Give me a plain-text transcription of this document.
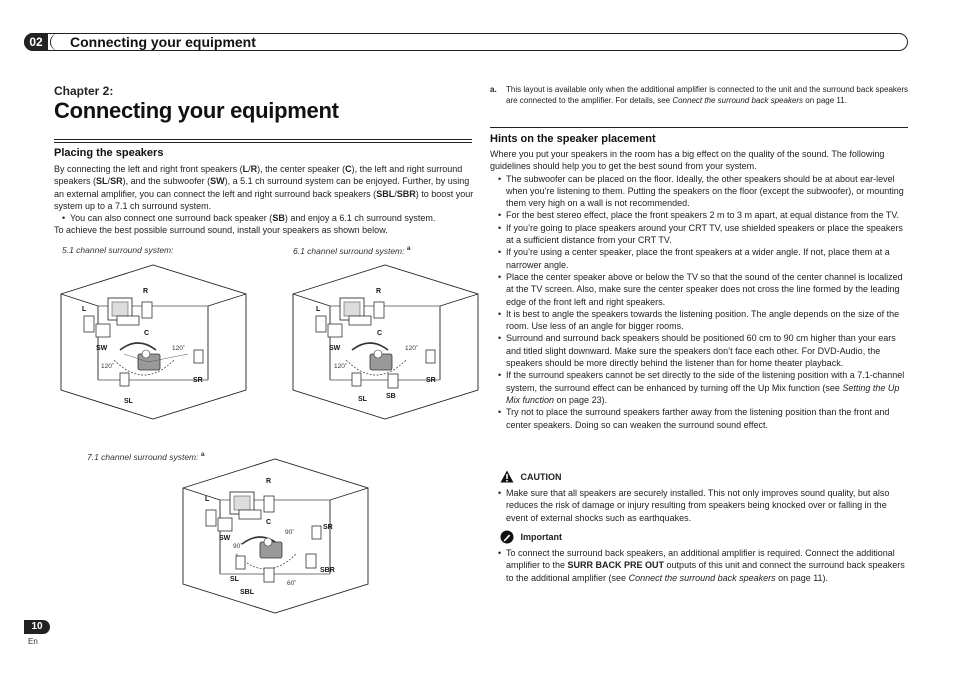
02	Connecting your equipment
Chapter 2:
Connecting your equipment
Placing the speakers
By connecting the left and right front speakers (L/R), the center speaker (C), the left and right surround speakers (SL/SR), and the subwoofer (SW), a 5.1 ch surround system can be enjoyed. Further, by using an external amplifier, you can connect the left and right surround back speakers (SBL/SBR) to boost your system up to a 7.1 ch surround system.
• You can also connect one surround back speaker (SB) and enjoy a 6.1 ch surround system.
To achieve the best possible surround sound, install your speakers as shown below.
5.1 channel surround system:	6.1 channel surround system: $^a$
7.1 channel surround system: $^a$
L
R
C
SW
SL
SR
120˚
120˚
L
R
C
SW
SL	SB
SR
120˚
120˚
L
R
C
SW
SR
SL
SBL
SBR
90˚
90˚
60˚
a.	This layout is available only when the additional amplifier is connected to the unit and the surround back speakers are connected to the amplifier. For details, see Connect the surround back speakers on page 11.
Hints on the speaker placement
Where you put your speakers in the room has a big effect on the quality of the sound. The following guidelines should help you to get the best sound from your system.
• The subwoofer can be placed on the floor. Ideally, the other speakers should be at about ear-level when you’re listening to them. Putting the speakers on the floor (except the subwoofer), or mounting them very high on a wall is not recommended.
• For the best stereo effect, place the front speakers 2 m to 3 m apart, at equal distance from the TV.
• If you’re going to place speakers around your CRT TV, use shielded speakers or place the speakers at a sufficient distance from your CRT TV.
• If you’re using a center speaker, place the front speakers at a wider angle. If not, place them at a narrower angle.
• Place the center speaker above or below the TV so that the sound of the center channel is localized at the TV screen. Also, make sure the center speaker does not cross the line formed by the leading edge of the front left and right speakers.
• It is best to angle the speakers towards the listening position. The angle depends on the size of the room. Use less of an angle for bigger rooms.
• Surround and surround back speakers should be positioned 60 cm to 90 cm higher than your ears and titled slight downward. Make sure the speakers don’t face each other. For DVD-Audio, the speakers should be more directly behind the listener than for home theater playback.
• If the surround speakers cannot be set directly to the side of the listening position with a 7.1-channel system, the surround effect can be enhanced by turning off the Up Mix function (see Setting the Up Mix function on page 23).
• Try not to place the surround speakers farther away from the listening position than the front and center speakers. Doing so can weaken the surround sound effect.
CAUTION
• Make sure that all speakers are securely installed. This not only improves sound quality, but also reduces the risk of damage or injury resulting from speakers being knocked over or falling in the event of external shocks such as earthquakes.
Important
• To connect the surround back speakers, an additional amplifier is required. Connect the additional amplifier to the SURR BACK PRE OUT outputs of this unit and connect the surround back speakers to the additional amplifier (see Connect the surround back speakers on page 11).
10
En
